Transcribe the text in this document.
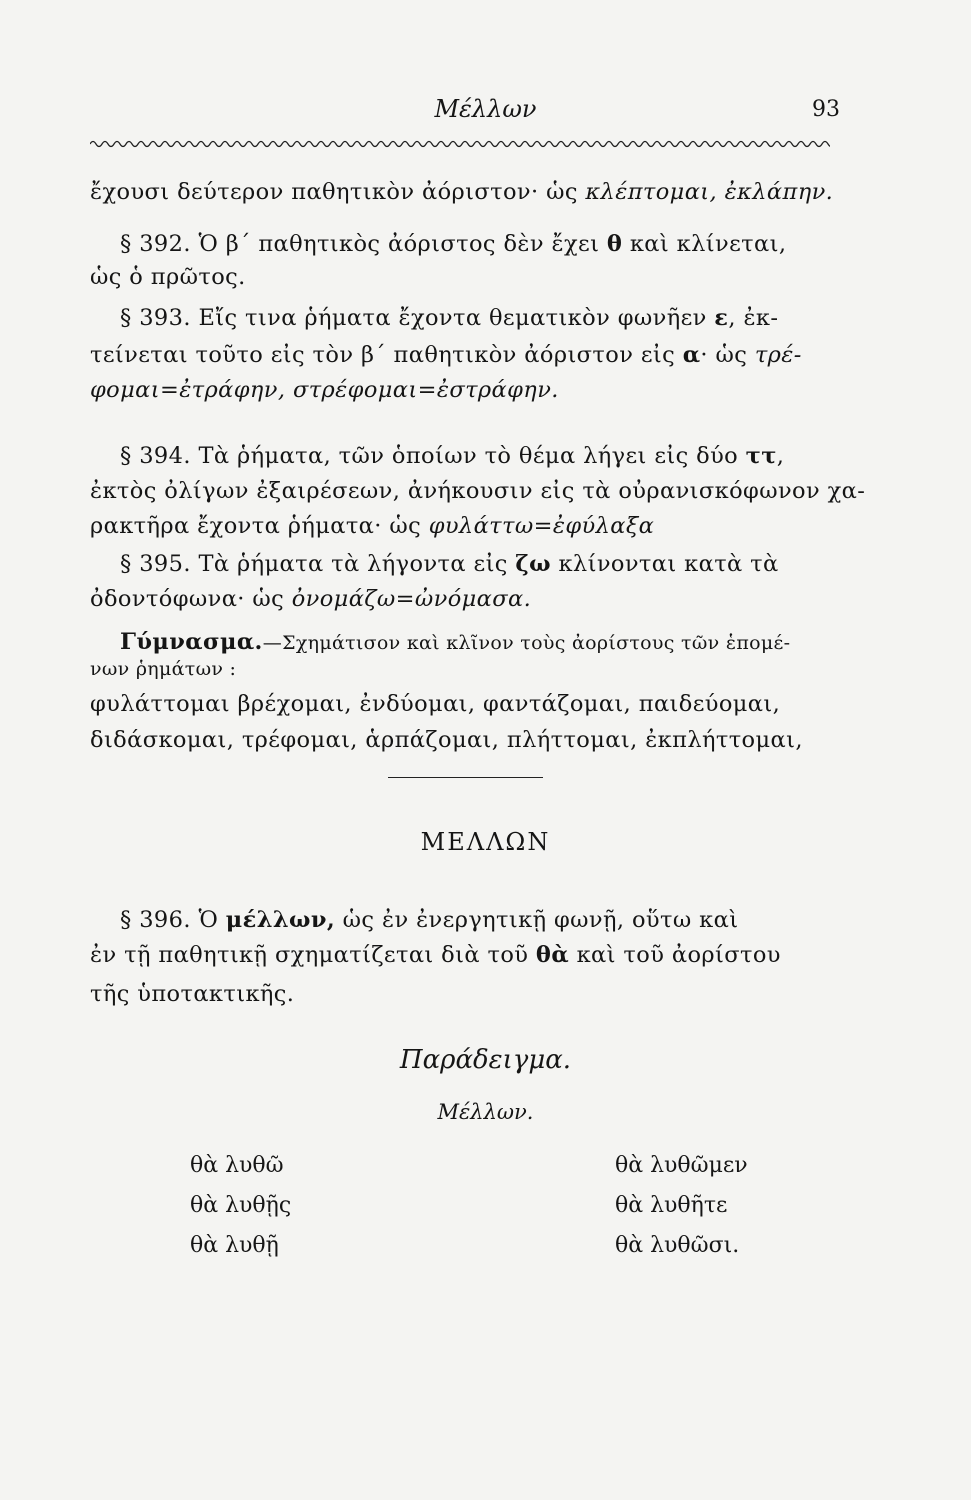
Μέλλων	93
ἔχουσι δεύτερον παθητικὸν ἀόριστον· ὡς κλέπτομαι, ἐκλάπην.
§ 392. Ὁ β΄ παθητικὸς ἀόριστος δὲν ἔχει θ καὶ κλίνεται,
ὡς ὁ πρῶτος.
§ 393. Εἴς τινα ῥήματα ἔχοντα θεματικὸν φωνῆεν ε, ἐκ-
τείνεται τοῦτο εἰς τὸν β΄ παθητικὸν ἀόριστον εἰς α· ὡς τρέ-
φομαι=ἐτράφην, στρέφομαι=ἐστράφην.
§ 394. Τὰ ῥήματα, τῶν ὁποίων τὸ θέμα λήγει εἰς δύο ττ,
ἐκτὸς ὀλίγων ἐξαιρέσεων, ἀνήκουσιν εἰς τὰ οὐρανισκόφωνον χα-
ρακτῆρα ἔχοντα ῥήματα· ὡς φυλάττω=ἐφύλαξα
§ 395. Τὰ ῥήματα τὰ λήγοντα εἰς ζω κλίνονται κατὰ τὰ
ὀδοντόφωνα· ὡς ὀνομάζω=ὠνόμασα.
Γύμνασμα.—Σχημάτισον καὶ κλῖνον τοὺς ἀορίστους τῶν ἑπομέ-
νων ῥημάτων :
φυλάττομαι βρέχομαι, ἐνδύομαι, φαντάζομαι, παιδεύομαι,
διδάσκομαι, τρέφομαι, ἁρπάζομαι, πλήττομαι, ἐκπλήττομαι,
§ 396. Ὁ μέλλων, ὡς ἐν ἐνεργητικῇ φωνῇ, οὕτω καὶ
ἐν τῇ παθητικῇ σχηματίζεται διὰ τοῦ θὰ καὶ τοῦ ἀορίστου
τῆς ὑποτακτικῆς.
ΜΕΛΛΩΝ
Παράδειγμα.
Μέλλων.
θὰ λυθῶ
θὰ λυθῇς
θὰ λυθῇ
θὰ λυθῶμεν
θὰ λυθῆτε
θὰ λυθῶσι.
